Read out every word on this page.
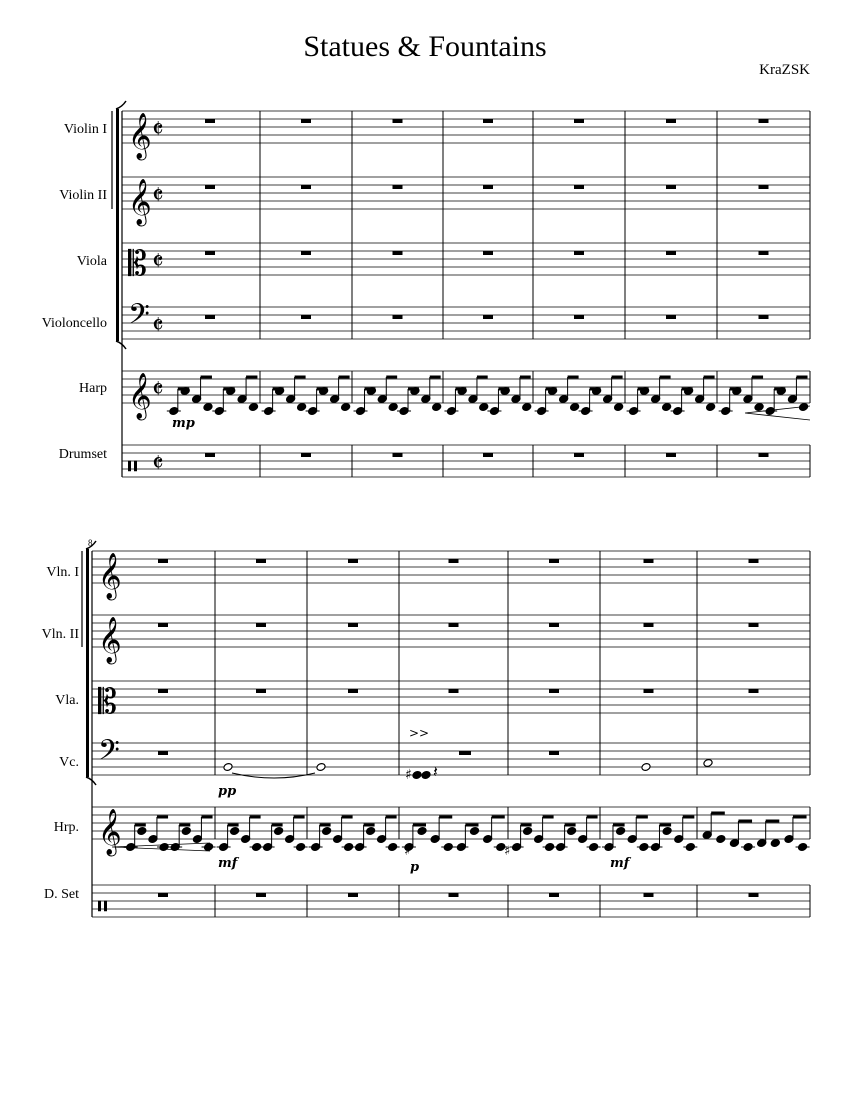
Statues & Fountains
KraZSK
Violin I
Violin II
Viola
Violoncello
Harp
Drumset
Vln. I
Vln. II
Vla.
Vc.
Hrp.
D. Set
8
𝄞 𝄵
𝄞 𝄵
𝄡 𝄵
𝄢 𝄵
𝄞 𝄵
𝄥 𝄵
mp
𝄞
𝄞
𝄡
𝄢
𝄞
𝄥
♯
>>
𝄽
pp
♯	♯
mf	p	mf
